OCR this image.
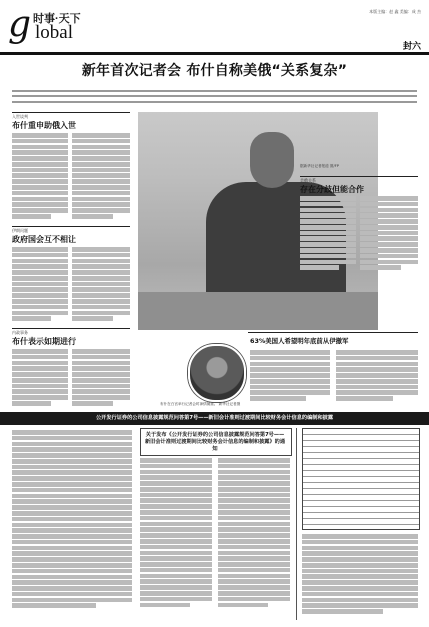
g 时事·天下
lobal
本版主编：赵 鑫 美编：成 杰
封六
新年首次记者会 布什自称美俄“关系复杂”
入世谈判
布什重申助俄入世
伊朗问题
政府国会互不相让
内政事务
布什表示如期进行
据新华社记者报道 图/FP
美俄关系
存在分歧但能合作
63%美国人希望明年底前从伊撤军
布什在白宫举行记者会时神情凝重。 新华社记者摄
公开发行证券的公司信息披露规范问答第7号——新旧会计准则过渡期间比较财务会计信息的编制和披露
关于发布《公开发行证券的公司信息披露规范问答第7号——新旧会计准则过渡期间比较财务会计信息的编制和披露》的通知
